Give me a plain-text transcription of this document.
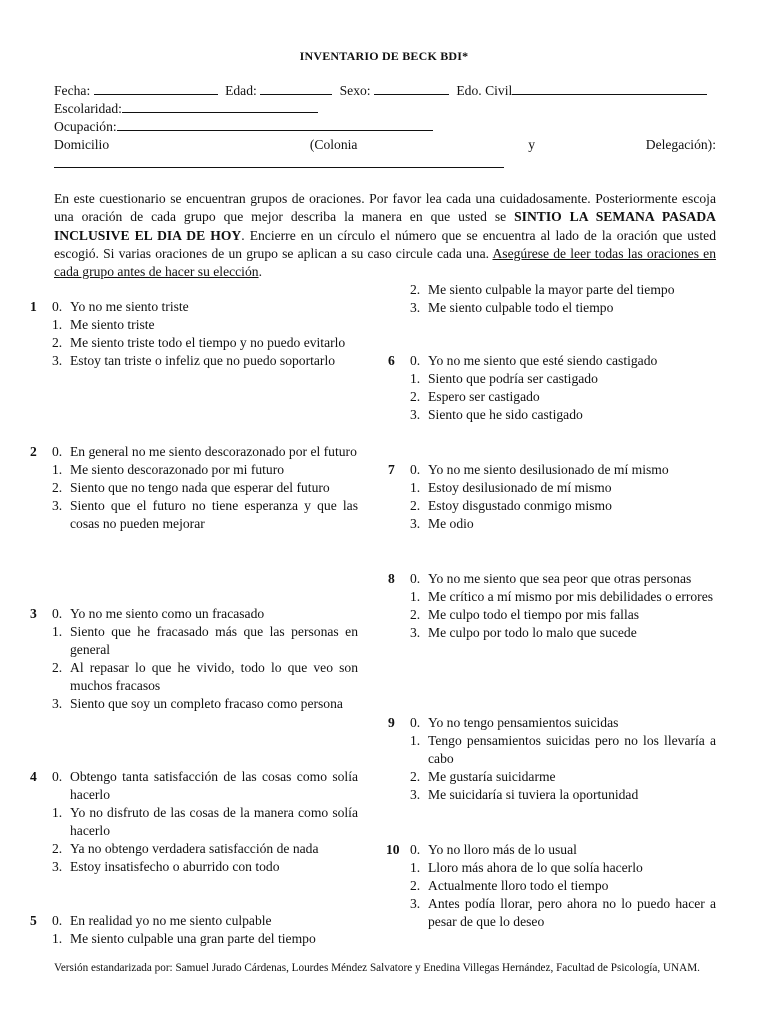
INVENTARIO DE BECK BDI*
Fecha:	Edad:	Sexo:	Edo. Civil
Escolaridad:
Ocupación:
Domicilio	(Colonia	y	Delegación):
En este cuestionario se encuentran grupos de oraciones. Por favor lea cada una cuidadosamente. Posteriormente escoja una oración de cada grupo que mejor describa la manera en que usted se SINTIO LA SEMANA PASADA INCLUSIVE EL DIA DE HOY. Encierre en un círculo el número que se encuentra al lado de la oración que usted escogió. Si varias oraciones de un grupo se aplican a su caso circule cada una. Asegúrese de leer todas las oraciones en cada grupo antes de hacer su elección.
1 0. Yo no me siento triste
1. Me siento triste
2. Me siento triste todo el tiempo y no puedo evitarlo
3. Estoy tan triste o infeliz que no puedo soportarlo
2 0. En general no me siento descorazonado por el futuro
1. Me siento descorazonado por mi futuro
2. Siento que no tengo nada que esperar del futuro
3. Siento que el futuro no tiene esperanza y que las cosas no pueden mejorar
3 0. Yo no me siento como un fracasado
1. Siento que he fracasado más que las personas en general
2. Al repasar lo que he vivido, todo lo que veo son muchos fracasos
3. Siento que soy un completo fracaso como persona
4 0. Obtengo tanta satisfacción de las cosas como solía hacerlo
1. Yo no disfruto de las cosas de la manera como solía hacerlo
2. Ya no obtengo verdadera satisfacción de nada
3. Estoy insatisfecho o aburrido con todo
5 0. En realidad yo no me siento culpable
1. Me siento culpable una gran parte del tiempo
2. Me siento culpable la mayor parte del tiempo
3. Me siento culpable todo el tiempo
6 0. Yo no me siento que esté siendo castigado
1. Siento que podría ser castigado
2. Espero ser castigado
3. Siento que he sido castigado
7 0. Yo no me siento desilusionado de mí mismo
1. Estoy desilusionado de mí mismo
2. Estoy disgustado conmigo mismo
3. Me odio
8 0. Yo no me siento que sea peor que otras personas
1. Me crítico a mí mismo por mis debilidades o errores
2. Me culpo todo el tiempo por mis fallas
3. Me culpo por todo lo malo que sucede
9 0. Yo no tengo pensamientos suicidas
1. Tengo pensamientos suicidas pero no los llevaría a cabo
2. Me gustaría suicidarme
3. Me suicidaría si tuviera la oportunidad
10 0. Yo no lloro más de lo usual
1. Lloro más ahora de lo que solía hacerlo
2. Actualmente lloro todo el tiempo
3. Antes podía llorar, pero ahora no lo puedo hacer a pesar de que lo deseo
Versión estandarizada por: Samuel Jurado Cárdenas, Lourdes Méndez Salvatore y Enedina Villegas Hernández, Facultad de Psicología, UNAM.
